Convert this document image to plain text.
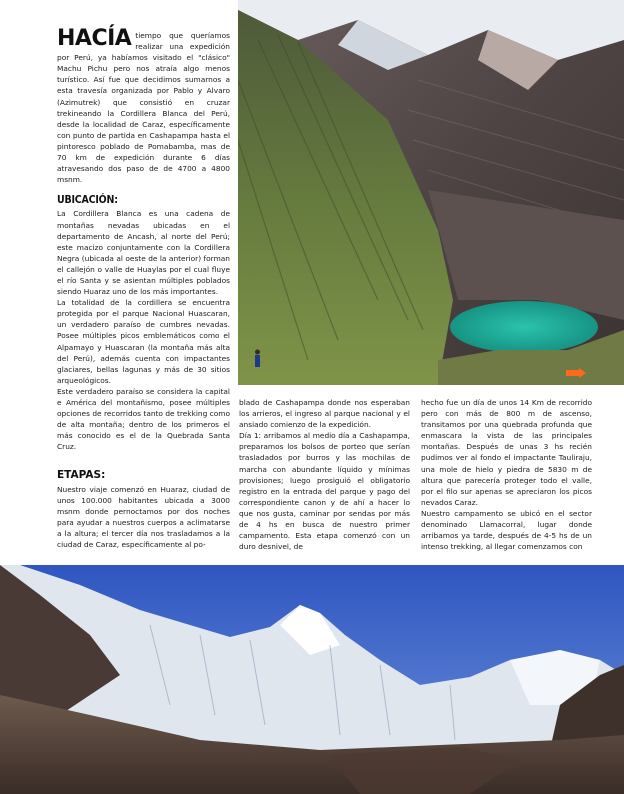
HACÍA tiempo que queríamos realizar una expedición por Perú, ya habíamos visitado el "clásico" Machu Pichu pero nos atraía algo menos turístico. Así fue que decidimos sumarnos a esta travesía organizada por Pablo y Alvaro (Azimutrek) que consistió en cruzar trekineando la Cordillera Blanca del Perú, desde la localidad de Caraz, específicamente con punto de partida en Cashapampa hasta el pintoresco poblado de Pomabamba, mas de 70 km de expedición durante 6 días atravesando dos paso de de 4700 a 4800 msnm.

UBICACIÓN:

La Cordillera Blanca es una cadena de montañas nevadas ubicadas en el departamento de Ancash, al norte del Perú; este macizo conjuntamente con la Cordillera Negra (ubicada al oeste de la anterior) forman el callejón o valle de Huaylas por el cual fluye el río Santa y se asientan múltiples poblados siendo Huaraz uno de los más importantes.

La totalidad de la cordillera se encuentra protegida por el parque Nacional Huascaran, un verdadero paraíso de cumbres nevadas. Posee múltiples picos emblemáticos como el Alpamayo y Huascaran (la montaña más alta del Perú), además cuenta con impactantes glaciares, bellas lagunas y más de 30 sitios arqueológicos.

Este verdadero paraíso se considera la capital e América del montañismo, posee múltiples opciones de recorridos tanto de trekking como de alta montaña; dentro de los primeros el más conocido es el de la Quebrada Santa Cruz.

ETAPAS:

Nuestro viaje comenzó en Huaraz, ciudad de unos 100.000 habitantes ubicada a 3000 msnm donde pernoctamos por dos noches para ayudar a nuestros cuerpos a aclimatarse a la altura; el tercer día nos trasladamos a la ciudad de Caraz, específicamente al po-

blado de Cashapampa donde nos esperaban los arrieros, el ingreso al parque nacional y el ansiado comienzo de la expedición.

Día 1: arribamos al medio día a Cashapampa, preparamos los bolsos de porteo que serían trasladados por burros y las mochilas de marcha con abundante líquido y mínimas provisiones; luego prosiguió el obligatorio registro en la entrada del parque y pago del correspondiente canon y de ahí a hacer lo que nos gusta, caminar por sendas por más de 4 hs en busca de nuestro primer campamento. Esta etapa comenzó con un duro desnivel, de

hecho fue un día de unos 14 Km de recorrido pero con más de 800 m de ascenso, transitamos por una quebrada profunda que enmascara la vista de las principales montañas. Después de unas 3 hs recién pudimos ver al fondo el impactante Tauliraju, una mole de hielo y piedra de 5830 m de altura que parecería proteger todo el valle, por el filo sur apenas se apreciaron los picos nevados Caraz.

Nuestro campamento se ubicó en el sector denominado Llamacorral, lugar donde arribamos ya tarde, después de 4-5 hs de un intenso trekking, al llegar comenzamos con
